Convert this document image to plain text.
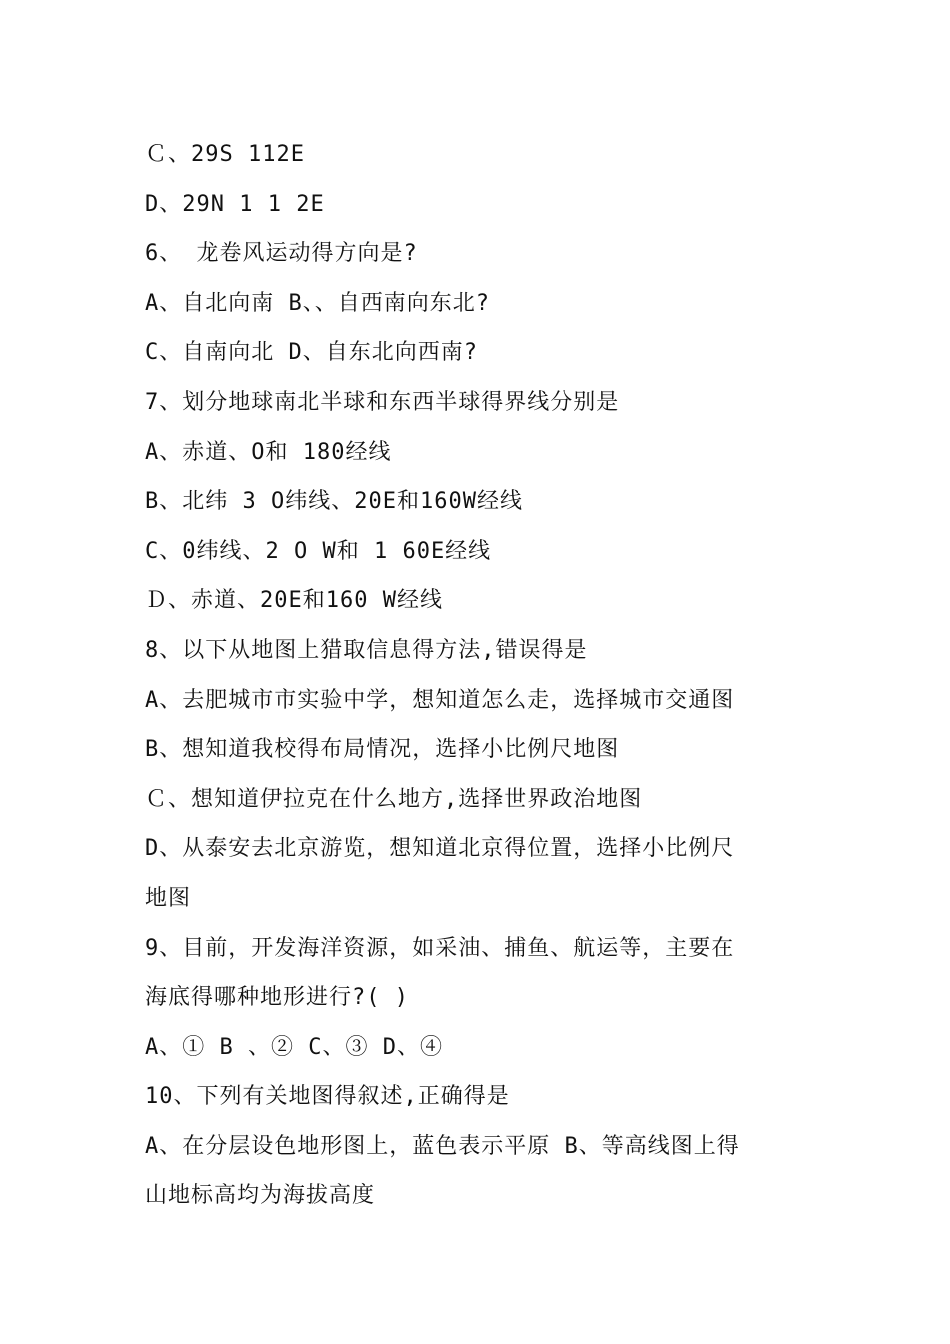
Ｃ、29S 112E
D、29N 1 1 2E
6、 龙卷风运动得方向是?
A、自北向南 B、、自西南向东北?
C、自南向北 D、自东北向西南?
7、划分地球南北半球和东西半球得界线分别是
A、赤道、O和 180经线
B、北纬 3 O纬线、20E和160W经线
C、0纬线、2 O W和 1 60E经线
Ｄ、赤道、20E和160 W经线
8、以下从地图上猎取信息得方法,错误得是
A、去肥城市市实验中学，想知道怎么走，选择城市交通图
B、想知道我校得布局情况，选择小比例尺地图
Ｃ、想知道伊拉克在什么地方,选择世界政治地图
D、从泰安去北京游览，想知道北京得位置，选择小比例尺
地图
9、目前，开发海洋资源，如采油、捕鱼、航运等，主要在
海底得哪种地形进行?( )
A、① B 、② C、③ D、④
10、下列有关地图得叙述,正确得是
A、在分层设色地形图上，蓝色表示平原 B、等高线图上得
山地标高均为海拔高度
